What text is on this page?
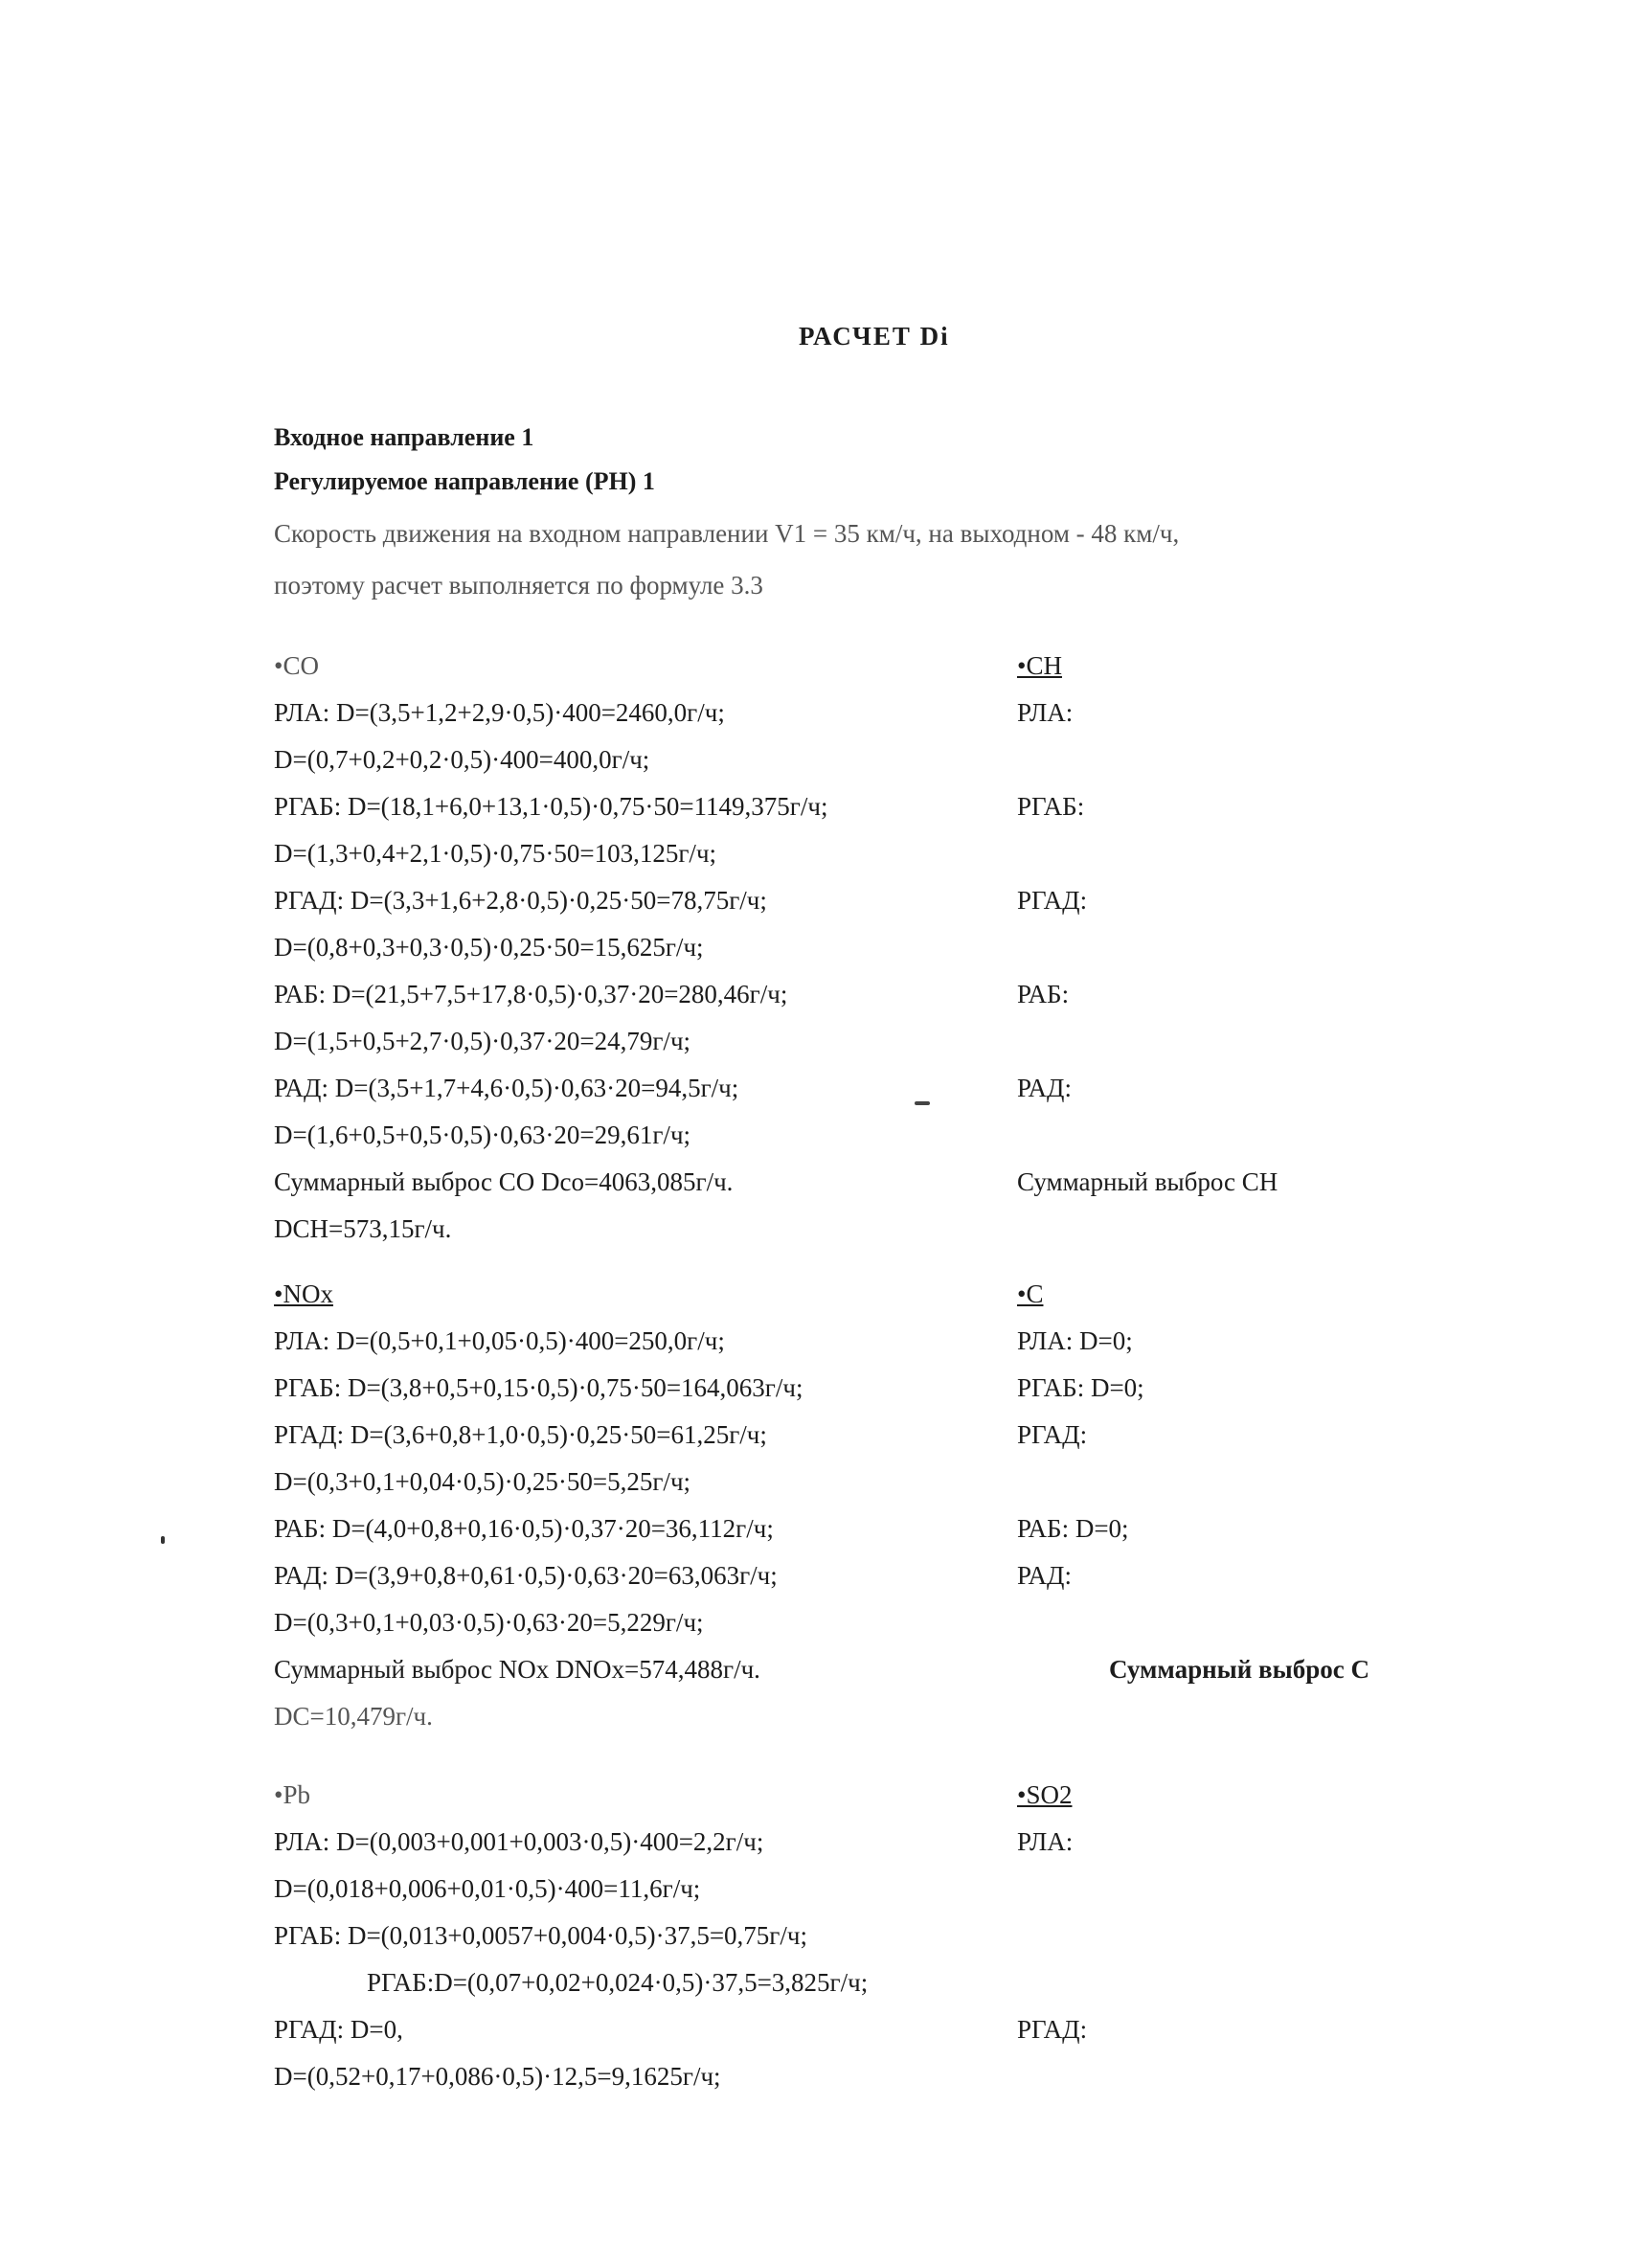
РАСЧЕТ Di
Входное направление 1
Регулируемое направление (РН) 1
Скорость движения на входном направлении V1 = 35 км/ч, на выходном - 48 км/ч,
поэтому расчет выполняется по формуле 3.3
•CO
РЛА: D=(3,5+1,2+2,9·0,5)·400=2460,0г/ч;
D=(0,7+0,2+0,2·0,5)·400=400,0г/ч;
РГАБ: D=(18,1+6,0+13,1·0,5)·0,75·50=1149,375г/ч;
D=(1,3+0,4+2,1·0,5)·0,75·50=103,125г/ч;
РГАД: D=(3,3+1,6+2,8·0,5)·0,25·50=78,75г/ч;
D=(0,8+0,3+0,3·0,5)·0,25·50=15,625г/ч;
РАБ: D=(21,5+7,5+17,8·0,5)·0,37·20=280,46г/ч;
D=(1,5+0,5+2,7·0,5)·0,37·20=24,79г/ч;
РАД: D=(3,5+1,7+4,6·0,5)·0,63·20=94,5г/ч;
D=(1,6+0,5+0,5·0,5)·0,63·20=29,61г/ч;
Суммарный выброс CO Dco=4063,085г/ч.
DCH=573,15г/ч.
•CH
РЛА:
РГАБ:
РГАД:
РАБ:
РАД:
Суммарный выброс CH
•NOx
РЛА: D=(0,5+0,1+0,05·0,5)·400=250,0г/ч;
РГАБ: D=(3,8+0,5+0,15·0,5)·0,75·50=164,063г/ч;
РГАД: D=(3,6+0,8+1,0·0,5)·0,25·50=61,25г/ч;
D=(0,3+0,1+0,04·0,5)·0,25·50=5,25г/ч;
РАБ: D=(4,0+0,8+0,16·0,5)·0,37·20=36,112г/ч;
РАД: D=(3,9+0,8+0,61·0,5)·0,63·20=63,063г/ч;
D=(0,3+0,1+0,03·0,5)·0,63·20=5,229г/ч;
Суммарный выброс NOx DNOx=574,488г/ч.
DC=10,479г/ч.
•C
РЛА: D=0;
РГАБ: D=0;
РГАД:
РАБ: D=0;
РАД:
Суммарный выброс C
•Pb
РЛА: D=(0,003+0,001+0,003·0,5)·400=2,2г/ч;
D=(0,018+0,006+0,01·0,5)·400=11,6г/ч;
РГАБ: D=(0,013+0,0057+0,004·0,5)·37,5=0,75г/ч;
РГАБ:D=(0,07+0,02+0,024·0,5)·37,5=3,825г/ч;
РГАД: D=0,
D=(0,52+0,17+0,086·0,5)·12,5=9,1625г/ч;
•SO2
РЛА:
РГАД:
